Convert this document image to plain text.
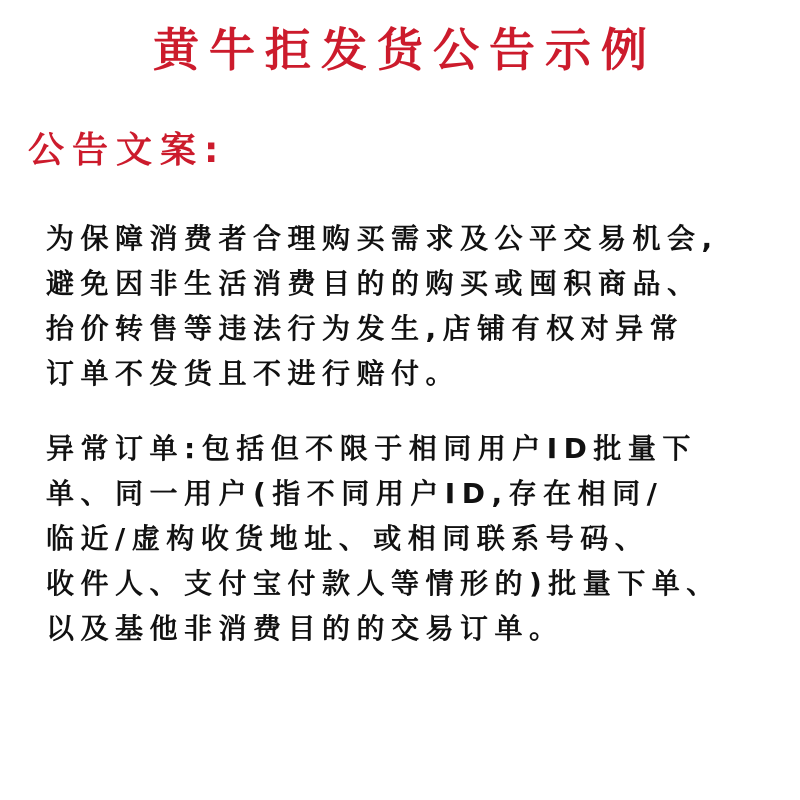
黄牛拒发货公告示例
公告文案:
为保障消费者合理购买需求及公平交易机会,
避免因非生活消费目的的购买或囤积商品、
抬价转售等违法行为发生,店铺有权对异常
订单不发货且不进行赔付。
异常订单:包括但不限于相同用户ID批量下
单、同一用户(指不同用户ID,存在相同/
临近/虚构收货地址、或相同联系号码、
收件人、支付宝付款人等情形的)批量下单、
以及基他非消费目的的交易订单。
